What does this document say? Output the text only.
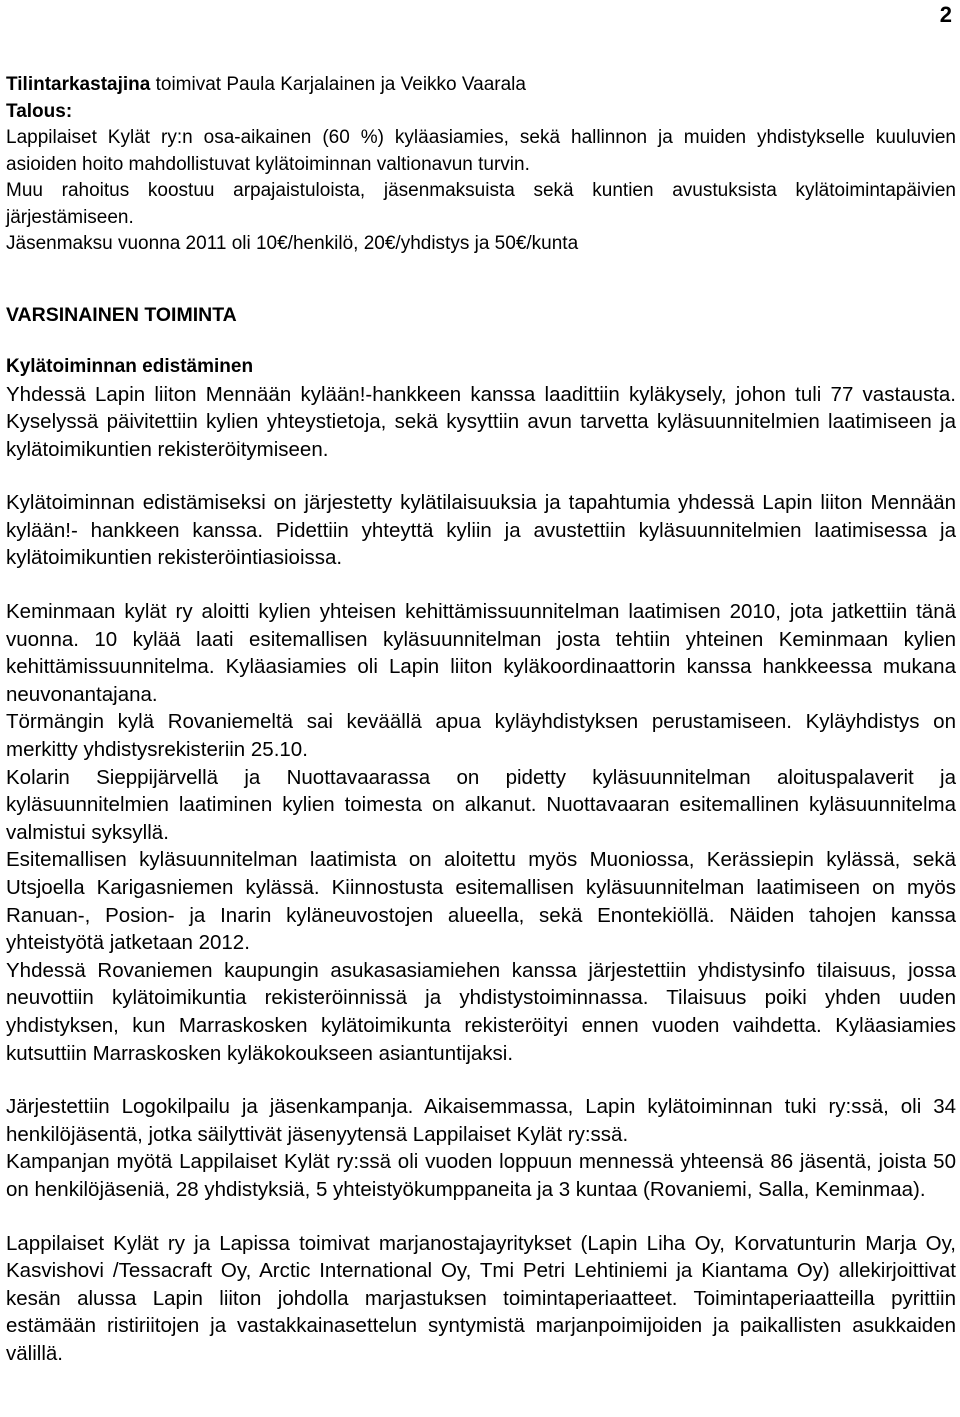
2

Tilintarkastajina toimivat Paula Karjalainen ja Veikko Vaarala

Talous:

Lappilaiset Kylät ry:n osa-aikainen (60 %) kyläasiamies, sekä hallinnon ja muiden yhdistykselle kuuluvien asioiden hoito mahdollistuvat kylätoiminnan valtionavun turvin.

Muu rahoitus koostuu arpajaistuloista, jäsenmaksuista sekä kuntien avustuksista kylätoimintapäivien järjestämiseen.

Jäsenmaksu vuonna 2011 oli 10€/henkilö, 20€/yhdistys ja 50€/kunta

VARSINAINEN TOIMINTA

Kylätoiminnan edistäminen

Yhdessä Lapin liiton Mennään kylään!-hankkeen kanssa laadittiin kyläkysely, johon tuli 77 vastausta. Kyselyssä päivitettiin kylien yhteystietoja, sekä kysyttiin avun tarvetta kyläsuunnitelmien laatimiseen ja kylätoimikuntien rekisteröitymiseen.

Kylätoiminnan edistämiseksi on järjestetty kylätilaisuuksia ja tapahtumia yhdessä Lapin liiton Mennään kylään!- hankkeen kanssa. Pidettiin yhteyttä kyliin ja avustettiin kyläsuunnitelmien laatimisessa ja kylätoimikuntien rekisteröintiasioissa.

Keminmaan kylät ry aloitti kylien yhteisen kehittämissuunnitelman laatimisen 2010, jota jatkettiin tänä vuonna. 10 kylää laati esitemallisen kyläsuunnitelman josta tehtiin yhteinen Keminmaan kylien kehittämissuunnitelma. Kyläasiamies oli Lapin liiton kyläkoordinaattorin kanssa hankkeessa mukana neuvonantajana.

Törmängin kylä Rovaniemeltä sai keväällä apua kyläyhdistyksen perustamiseen. Kyläyhdistys on merkitty yhdistysrekisteriin 25.10.

Kolarin Sieppijärvellä ja Nuottavaarassa on pidetty kyläsuunnitelman aloituspalaverit ja kyläsuunnitelmien laatiminen kylien toimesta on alkanut. Nuottavaaran esitemallinen kyläsuunnitelma valmistui syksyllä.

Esitemallisen kyläsuunnitelman laatimista on aloitettu myös Muoniossa, Kerässiepin kylässä, sekä Utsjoella Karigasniemen kylässä. Kiinnostusta esitemallisen kyläsuunnitelman laatimiseen on myös Ranuan-, Posion- ja Inarin kyläneuvostojen alueella, sekä Enontekiöllä. Näiden tahojen kanssa yhteistyötä jatketaan 2012.

Yhdessä Rovaniemen kaupungin asukasasiamiehen kanssa järjestettiin yhdistysinfo tilaisuus, jossa neuvottiin kylätoimikuntia rekisteröinnissä ja yhdistystoiminnassa. Tilaisuus poiki yhden uuden yhdistyksen, kun Marraskosken kylätoimikunta rekisteröityi ennen vuoden vaihdetta. Kyläasiamies kutsuttiin Marraskosken kyläkokoukseen asiantuntijaksi.

Järjestettiin Logokilpailu ja jäsenkampanja. Aikaisemmassa, Lapin kylätoiminnan tuki ry:ssä, oli 34 henkilöjäsentä, jotka säilyttivät jäsenyytensä Lappilaiset Kylät ry:ssä.

Kampanjan myötä Lappilaiset Kylät ry:ssä oli vuoden loppuun mennessä yhteensä 86 jäsentä, joista 50 on henkilöjäseniä, 28 yhdistyksiä, 5 yhteistyökumppaneita ja 3 kuntaa (Rovaniemi, Salla, Keminmaa).

Lappilaiset Kylät ry ja Lapissa toimivat marjanostajayritykset (Lapin Liha Oy, Korvatunturin Marja Oy, Kasvishovi /Tessacraft Oy, Arctic International Oy, Tmi Petri Lehtiniemi ja Kiantama Oy) allekirjoittivat kesän alussa Lapin liiton johdolla marjastuksen toimintaperiaatteet. Toimintaperiaatteilla pyrittiin estämään ristiriitojen ja vastakkainasettelun syntymistä marjanpoimijoiden ja paikallisten asukkaiden välillä.
